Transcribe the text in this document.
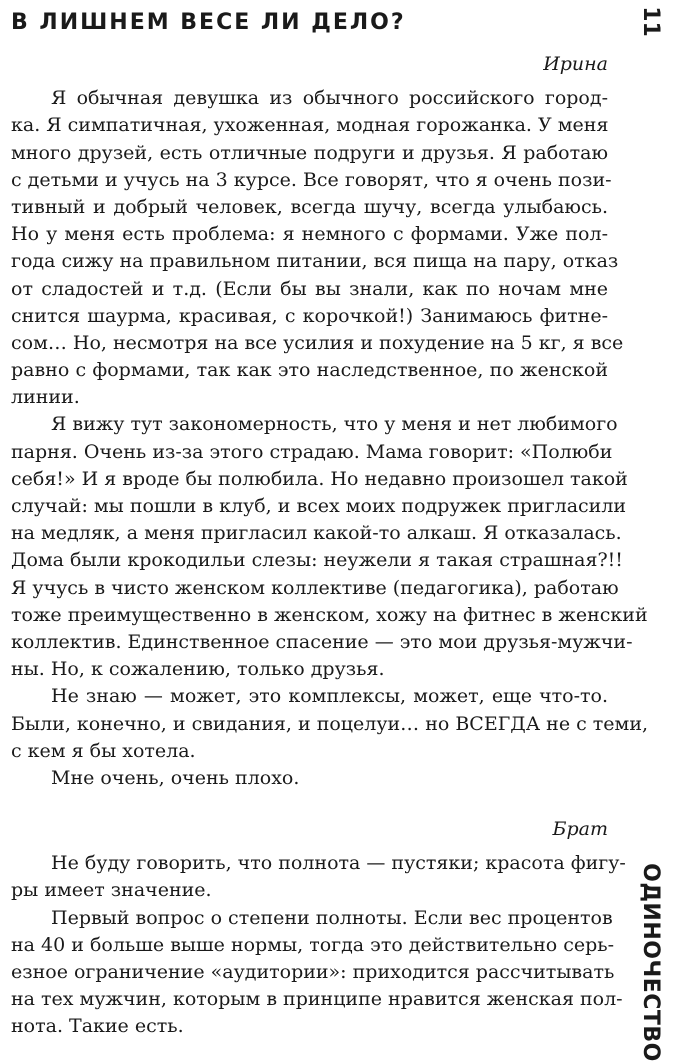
В ЛИШНЕМ ВЕСЕ ЛИ ДЕЛО?	11
ОДИНОЧЕСТВО

Ирина

Я обычная девушка из обычного российского город-
ка. Я симпатичная, ухоженная, модная горожанка. У меня
много друзей, есть отличные подруги и друзья. Я работаю
с детьми и учусь на 3 курсе. Все говорят, что я очень пози-
тивный и добрый человек, всегда шучу, всегда улыбаюсь.
Но у меня есть проблема: я немного с формами. Уже пол-
года сижу на правильном питании, вся пища на пару, отказ
от сладостей и т.д. (Если бы вы знали, как по ночам мне
снится шаурма, красивая, с корочкой!) Занимаюсь фитне-
сом… Но, несмотря на все усилия и похудение на 5 кг, я все
равно с формами, так как это наследственное, по женской
линии.

Я вижу тут закономерность, что у меня и нет любимого
парня. Очень из-за этого страдаю. Мама говорит: «Полюби
себя!» И я вроде бы полюбила. Но недавно произошел такой
случай: мы пошли в клуб, и всех моих подружек пригласили
на медляк, а меня пригласил какой-то алкаш. Я отказалась.
Дома были крокодильи слезы: неужели я такая страшная?!!
Я учусь в чисто женском коллективе (педагогика), работаю
тоже преимущественно в женском, хожу на фитнес в женский
коллектив. Единственное спасение — это мои друзья-мужчи-
ны. Но, к сожалению, только друзья.

Не знаю — может, это комплексы, может, еще что-то.
Были, конечно, и свидания, и поцелуи… но ВСЕГДА не с теми,
с кем я бы хотела.

Мне очень, очень плохо.

Брат

Не буду говорить, что полнота — пустяки; красота фигу-
ры имеет значение.

Первый вопрос о степени полноты. Если вес процентов
на 40 и больше выше нормы, тогда это действительно серь-
езное ограничение «аудитории»: приходится рассчитывать
на тех мужчин, которым в принципе нравится женская пол-
нота. Такие есть.
